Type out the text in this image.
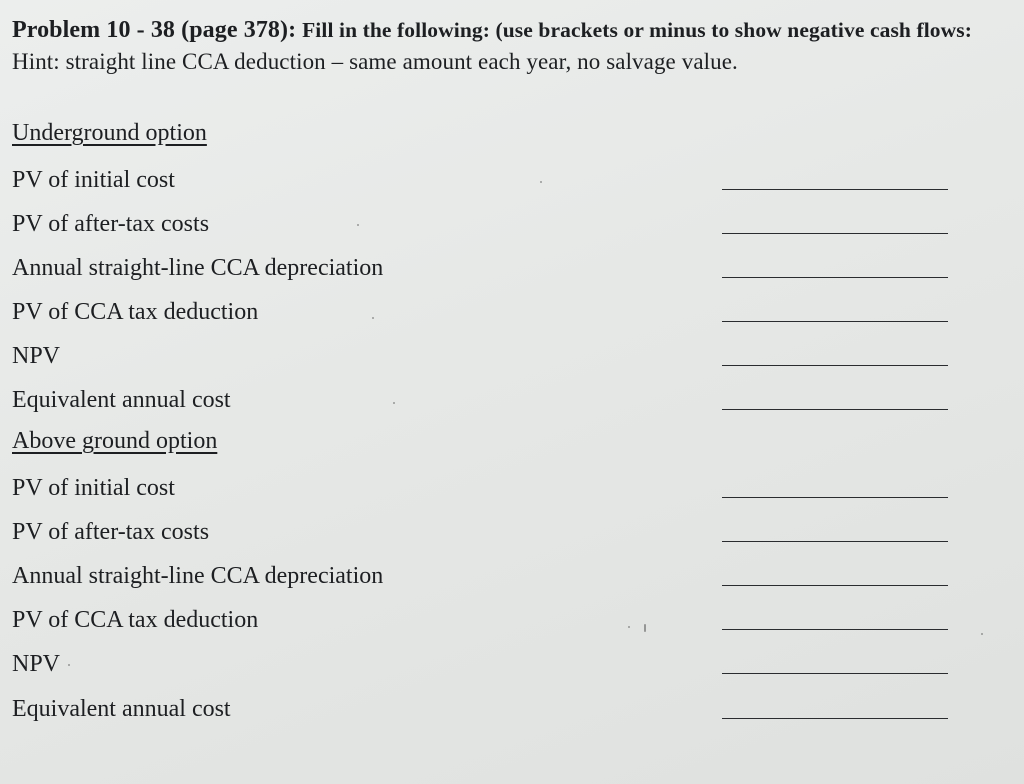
Problem 10 - 38 (page 378): Fill in the following: (use brackets or minus to show negative cash flows: Hint: straight line CCA deduction – same amount each year, no salvage value.
Underground option
PV of initial cost
PV of after-tax costs
Annual straight-line CCA depreciation
PV of CCA tax deduction
NPV
Equivalent annual cost
Above ground option
PV of initial cost
PV of after-tax costs
Annual straight-line CCA depreciation
PV of CCA tax deduction
NPV
Equivalent annual cost
